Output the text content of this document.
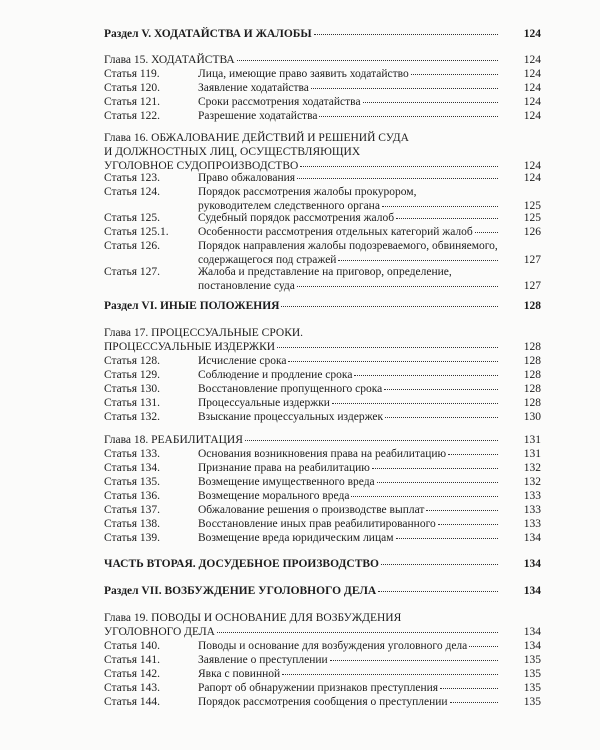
Раздел V. ХОДАТАЙСТВА И ЖАЛОБЫ	124
Глава 15. ХОДАТАЙСТВА	124
Статья 119.	Лица, имеющие право заявить ходатайство	124
Статья 120.	Заявление ходатайства	124
Статья 121.	Сроки рассмотрения ходатайства	124
Статья 122.	Разрешение ходатайства	124
Глава 16. ОБЖАЛОВАНИЕ ДЕЙСТВИЙ И РЕШЕНИЙ СУДА
И ДОЛЖНОСТНЫХ ЛИЦ, ОСУЩЕСТВЛЯЮЩИХ
УГОЛОВНОЕ СУДОПРОИЗВОДСТВО	124
Статья 123.	Право обжалования	124
Статья 124.	Порядок рассмотрения жалобы прокурором,
руководителем следственного органа	125
Статья 125.	Судебный порядок рассмотрения жалоб	125
Статья 125.1.	Особенности рассмотрения отдельных категорий жалоб	126
Статья 126.	Порядок направления жалобы подозреваемого, обвиняемого,
содержащегося под стражей	127
Статья 127.	Жалоба и представление на приговор, определение,
постановление суда	127
Раздел VI. ИНЫЕ ПОЛОЖЕНИЯ	128
Глава 17. ПРОЦЕССУАЛЬНЫЕ СРОКИ.
ПРОЦЕССУАЛЬНЫЕ ИЗДЕРЖКИ	128
Статья 128.	Исчисление срока	128
Статья 129.	Соблюдение и продление срока	128
Статья 130.	Восстановление пропущенного срока	128
Статья 131.	Процессуальные издержки	128
Статья 132.	Взыскание процессуальных издержек	130
Глава 18. РЕАБИЛИТАЦИЯ	131
Статья 133.	Основания возникновения права на реабилитацию	131
Статья 134.	Признание права на реабилитацию	132
Статья 135.	Возмещение имущественного вреда	132
Статья 136.	Возмещение морального вреда	133
Статья 137.	Обжалование решения о производстве выплат	133
Статья 138.	Восстановление иных прав реабилитированного	133
Статья 139.	Возмещение вреда юридическим лицам	134
ЧАСТЬ ВТОРАЯ. ДОСУДЕБНОЕ ПРОИЗВОДСТВО	134
Раздел VII. ВОЗБУЖДЕНИЕ УГОЛОВНОГО ДЕЛА	134
Глава 19. ПОВОДЫ И ОСНОВАНИЕ ДЛЯ ВОЗБУЖДЕНИЯ
УГОЛОВНОГО ДЕЛА	134
Статья 140.	Поводы и основание для возбуждения уголовного дела	134
Статья 141.	Заявление о преступлении	135
Статья 142.	Явка с повинной	135
Статья 143.	Рапорт об обнаружении признаков преступления	135
Статья 144.	Порядок рассмотрения сообщения о преступлении	135
